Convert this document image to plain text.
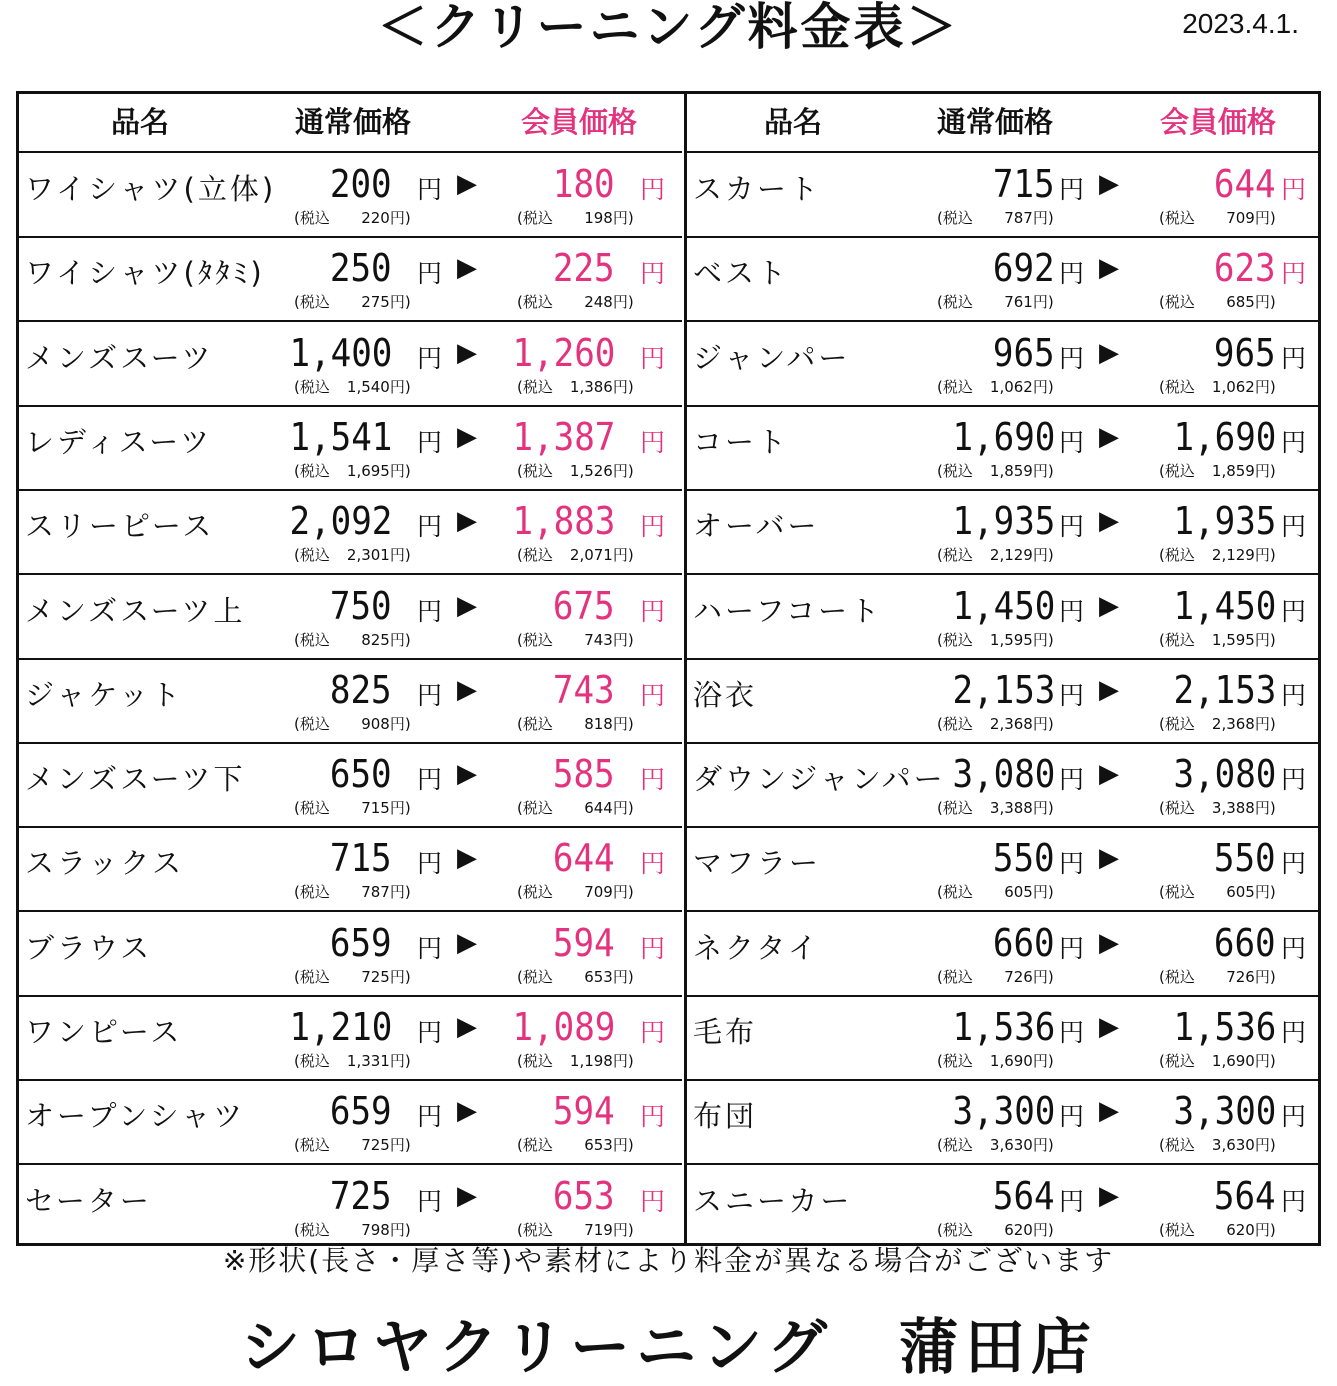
＜クリーニング料金表＞	2023.4.1.
品名	通常価格	会員価格
ワイシャツ(立体) 200 円 ▶ 180 円
(税込 220円)	(税込 198円)
ワイシャツ(ﾀﾀﾐ) 250 円 ▶ 225 円
(税込 275円)	(税込 248円)
メンズスーツ 1,400 円 ▶ 1,260 円
(税込 1,540円)	(税込 1,386円)
レディスーツ 1,541 円 ▶ 1,387 円
(税込 1,695円)	(税込 1,526円)
スリーピース 2,092 円 ▶ 1,883 円
(税込 2,301円)	(税込 2,071円)
メンズスーツ上 750 円 ▶ 675 円
(税込 825円)	(税込 743円)
ジャケット	825 円 ▶ 743 円
(税込 908円)	(税込 818円)
メンズスーツ下 650 円 ▶ 585 円
(税込 715円)	(税込 644円)
スラックス	715 円 ▶ 644 円
(税込 787円)	(税込 709円)
ブラウス	659 円 ▶ 594 円
(税込 725円)	(税込 653円)
ワンピース	1,210 円 ▶ 1,089 円
(税込 1,331円)	(税込 1,198円)
オープンシャツ 659 円 ▶ 594 円
(税込 725円)	(税込 653円)
セーター	725 円 ▶ 653 円
(税込 798円)	(税込 719円)
品名	通常価格	会員価格
スカート	715 円 ▶	644 円
(税込 787円)	(税込 709円)
ベスト	692 円 ▶	623 円
(税込 761円)	(税込 685円)
ジャンパー	965 円 ▶	965 円
(税込 1,062円)	(税込 1,062円)
コート	1,690 円 ▶ 1,690 円
(税込 1,859円)	(税込 1,859円)
オーバー	1,935 円 ▶ 1,935 円
(税込 2,129円)	(税込 2,129円)
ハーフコート 1,450 円 ▶ 1,450 円
(税込 1,595円)	(税込 1,595円)
浴衣	2,153 円 ▶ 2,153 円
(税込 2,368円)	(税込 2,368円)
ダウンジャンパー 3,080 円 ▶ 3,080 円
(税込 3,388円)	(税込 3,388円)
マフラー	550 円 ▶	550 円
(税込 605円)	(税込 605円)
ネクタイ	660 円 ▶	660 円
(税込 726円)	(税込 726円)
毛布	1,536 円 ▶ 1,536 円
(税込 1,690円)	(税込 1,690円)
布団	3,300 円 ▶ 3,300 円
(税込 3,630円)	(税込 3,630円)
スニーカー	564 円 ▶	564 円
(税込 620円)	(税込 620円)
※形状(長さ・厚さ等)や素材により料金が異なる場合がございます
シロヤクリーニング　蒲田店
